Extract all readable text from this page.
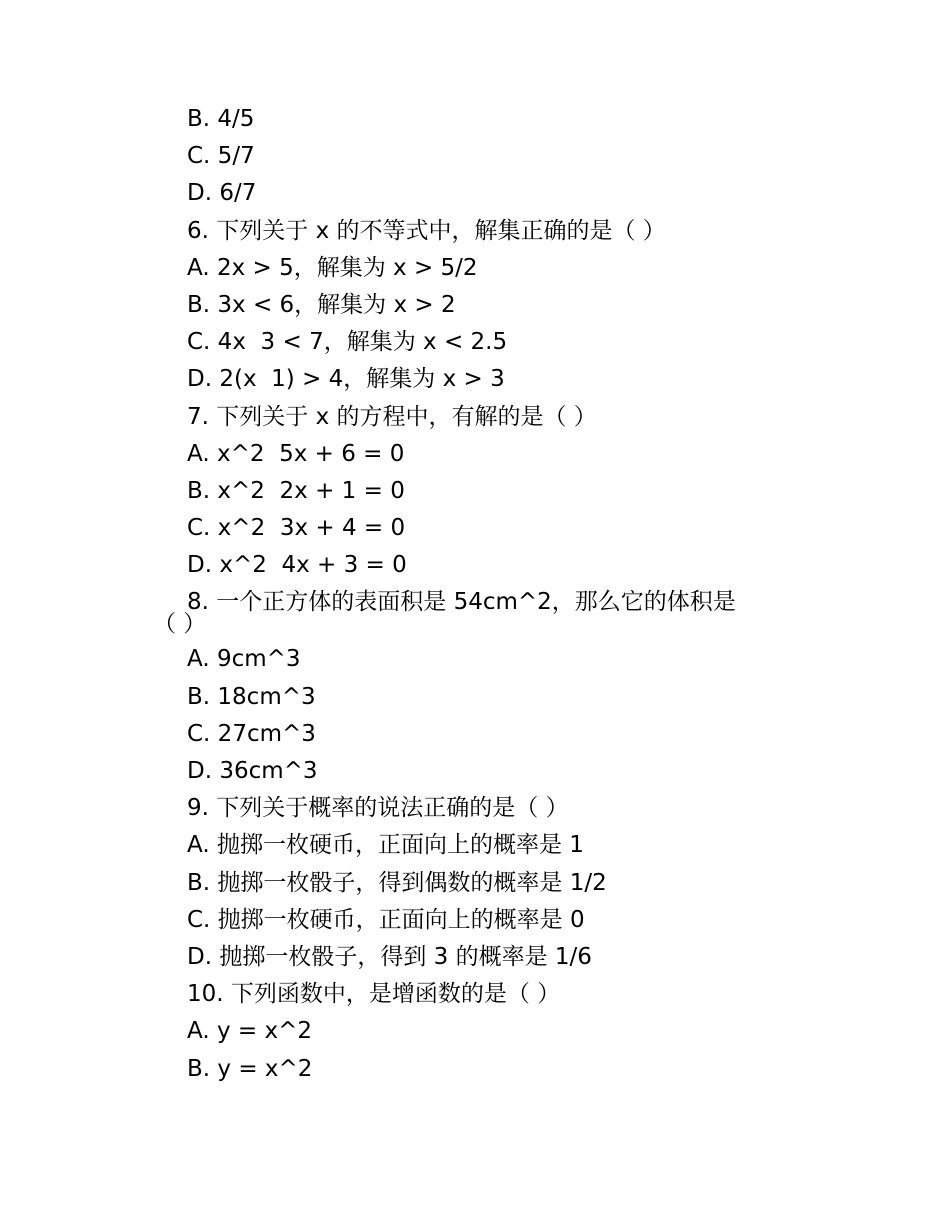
B. 4/5
C. 5/7
D. 6/7
6. 下列关于 x 的不等式中，解集正确的是（ ）
A. 2x > 5，解集为 x > 5/2
B. 3x < 6，解集为 x > 2
C. 4x  3 < 7，解集为 x < 2.5
D. 2(x  1) > 4，解集为 x > 3
7. 下列关于 x 的方程中，有解的是（ ）
A. x^2  5x + 6 = 0
B. x^2  2x + 1 = 0
C. x^2  3x + 4 = 0
D. x^2  4x + 3 = 0
8. 一个正方体的表面积是 54cm^2，那么它的体积是
（ ）
A. 9cm^3
B. 18cm^3
C. 27cm^3
D. 36cm^3
9. 下列关于概率的说法正确的是（ ）
A. 抛掷一枚硬币，正面向上的概率是 1
B. 抛掷一枚骰子，得到偶数的概率是 1/2
C. 抛掷一枚硬币，正面向上的概率是 0
D. 抛掷一枚骰子，得到 3 的概率是 1/6
10. 下列函数中，是增函数的是（ ）
A. y = x^2
B. y = x^2
